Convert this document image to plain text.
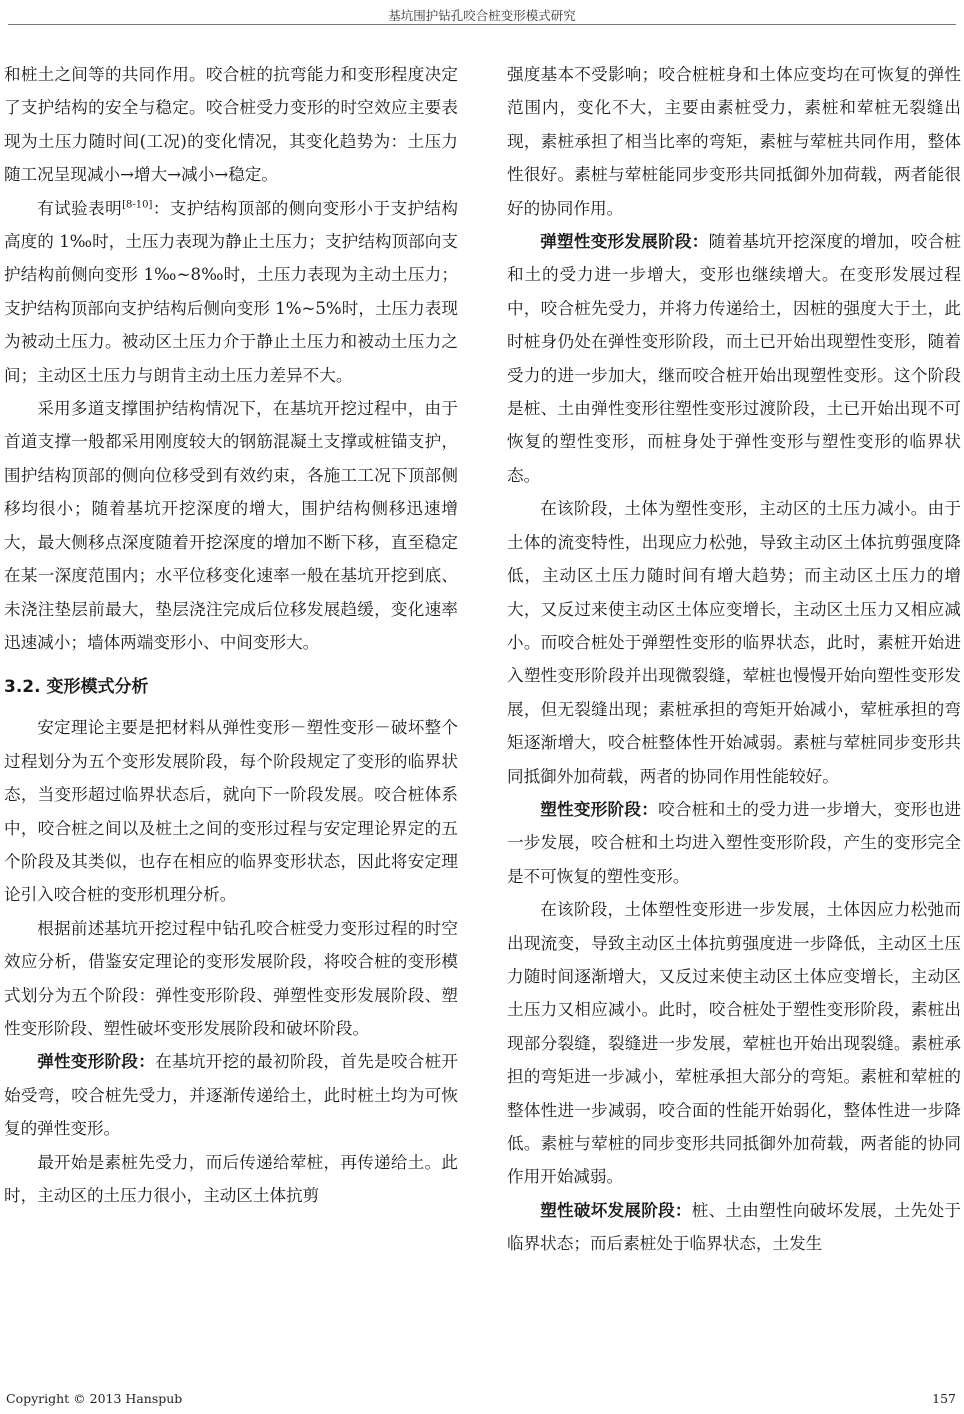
基坑围护钻孔咬合桩变形模式研究

和桩土之间等的共同作用。咬合桩的抗弯能力和变形程度决定了支护结构的安全与稳定。咬合桩受力变形的时空效应主要表现为土压力随时间(工况)的变化情况，其变化趋势为：土压力随工况呈现减小→增大→减小→稳定。

有试验表明[8-10]：支护结构顶部的侧向变形小于支护结构高度的 1‰时，土压力表现为静止土压力；支护结构顶部向支护结构前侧向变形 1‰~8‰时，土压力表现为主动土压力；支护结构顶部向支护结构后侧向变形 1%~5%时，土压力表现为被动土压力。被动区土压力介于静止土压力和被动土压力之间；主动区土压力与朗肯主动土压力差异不大。

采用多道支撑围护结构情况下，在基坑开挖过程中，由于首道支撑一般都采用刚度较大的钢筋混凝土支撑或桩锚支护，围护结构顶部的侧向位移受到有效约束，各施工工况下顶部侧移均很小；随着基坑开挖深度的增大，围护结构侧移迅速增大，最大侧移点深度随着开挖深度的增加不断下移，直至稳定在某一深度范围内；水平位移变化速率一般在基坑开挖到底、未浇注垫层前最大，垫层浇注完成后位移发展趋缓，变化速率迅速减小；墙体两端变形小、中间变形大。

3.2. 变形模式分析

安定理论主要是把材料从弹性变形－塑性变形－破坏整个过程划分为五个变形发展阶段，每个阶段规定了变形的临界状态，当变形超过临界状态后，就向下一阶段发展。咬合桩体系中，咬合桩之间以及桩土之间的变形过程与安定理论界定的五个阶段及其类似，也存在相应的临界变形状态，因此将安定理论引入咬合桩的变形机理分析。

根据前述基坑开挖过程中钻孔咬合桩受力变形过程的时空效应分析，借鉴安定理论的变形发展阶段，将咬合桩的变形模式划分为五个阶段：弹性变形阶段、弹塑性变形发展阶段、塑性变形阶段、塑性破坏变形发展阶段和破坏阶段。

弹性变形阶段：在基坑开挖的最初阶段，首先是咬合桩开始受弯，咬合桩先受力，并逐渐传递给土，此时桩土均为可恢复的弹性变形。

最开始是素桩先受力，而后传递给荤桩，再传递给土。此时，主动区的土压力很小，主动区土体抗剪

强度基本不受影响；咬合桩桩身和土体应变均在可恢复的弹性范围内，变化不大，主要由素桩受力，素桩和荤桩无裂缝出现，素桩承担了相当比率的弯矩，素桩与荤桩共同作用，整体性很好。素桩与荤桩能同步变形共同抵御外加荷载，两者能很好的协同作用。

弹塑性变形发展阶段：随着基坑开挖深度的增加，咬合桩和土的受力进一步增大，变形也继续增大。在变形发展过程中，咬合桩先受力，并将力传递给土，因桩的强度大于土，此时桩身仍处在弹性变形阶段，而土已开始出现塑性变形，随着受力的进一步加大，继而咬合桩开始出现塑性变形。这个阶段是桩、土由弹性变形往塑性变形过渡阶段，土已开始出现不可恢复的塑性变形，而桩身处于弹性变形与塑性变形的临界状态。

在该阶段，土体为塑性变形，主动区的土压力减小。由于土体的流变特性，出现应力松弛，导致主动区土体抗剪强度降低，主动区土压力随时间有增大趋势；而主动区土压力的增大，又反过来使主动区土体应变增长，主动区土压力又相应减小。而咬合桩处于弹塑性变形的临界状态，此时，素桩开始进入塑性变形阶段并出现微裂缝，荤桩也慢慢开始向塑性变形发展，但无裂缝出现；素桩承担的弯矩开始减小，荤桩承担的弯矩逐渐增大，咬合桩整体性开始减弱。素桩与荤桩同步变形共同抵御外加荷载，两者的协同作用性能较好。

塑性变形阶段：咬合桩和土的受力进一步增大，变形也进一步发展，咬合桩和土均进入塑性变形阶段，产生的变形完全是不可恢复的塑性变形。

在该阶段，土体塑性变形进一步发展，土体因应力松弛而出现流变，导致主动区土体抗剪强度进一步降低，主动区土压力随时间逐渐增大，又反过来使主动区土体应变增长，主动区土压力又相应减小。此时，咬合桩处于塑性变形阶段，素桩出现部分裂缝，裂缝进一步发展，荤桩也开始出现裂缝。素桩承担的弯矩进一步减小，荤桩承担大部分的弯矩。素桩和荤桩的整体性进一步减弱，咬合面的性能开始弱化，整体性进一步降低。素桩与荤桩的同步变形共同抵御外加荷载，两者能的协同作用开始减弱。

塑性破坏发展阶段：桩、土由塑性向破坏发展，土先处于临界状态；而后素桩处于临界状态，土发生

Copyright © 2013 Hanspub	157
